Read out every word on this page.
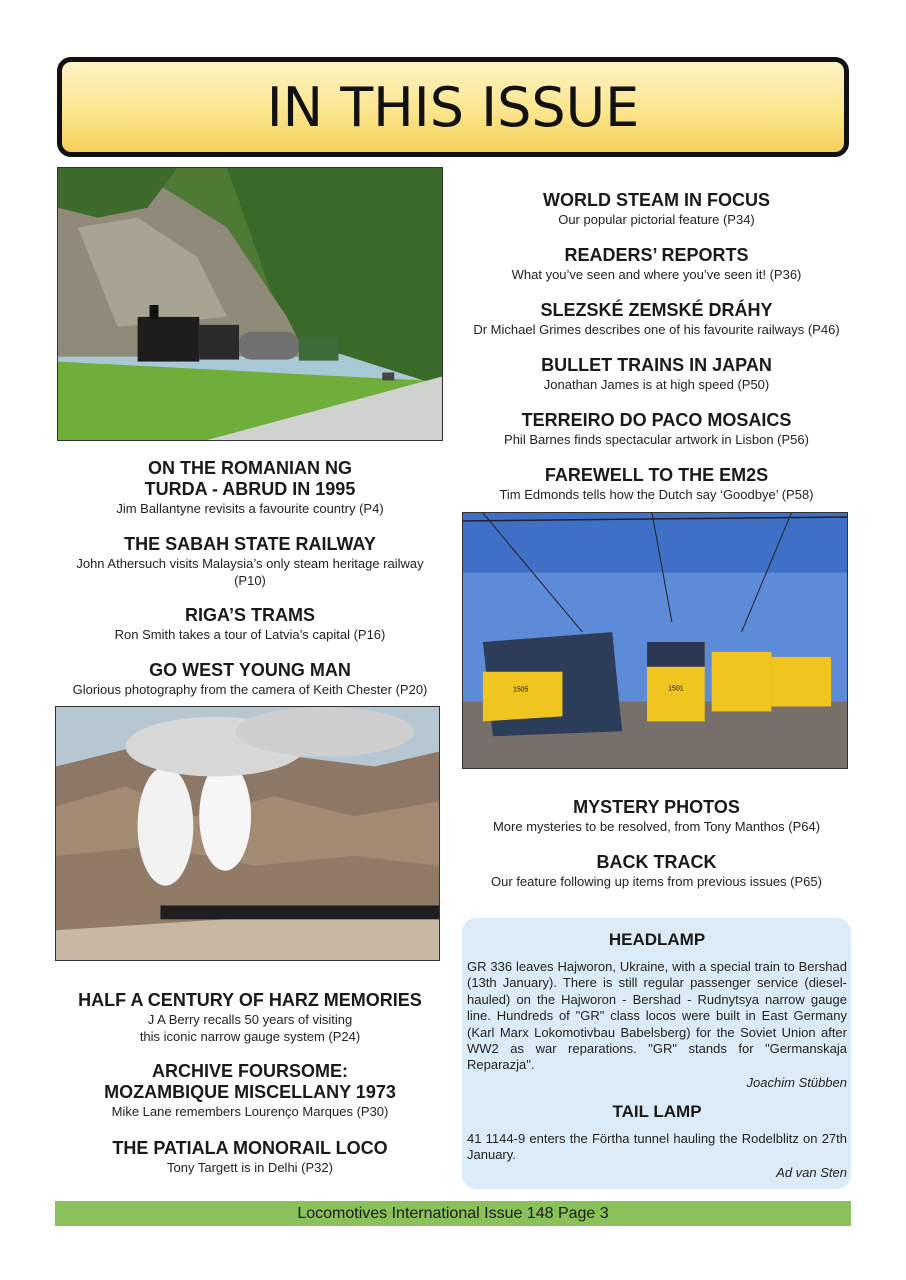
IN THIS ISSUE
1505	1501
ON THE ROMANIAN NG
TURDA - ABRUD IN 1995
Jim Ballantyne revisits a favourite country (P4)
THE SABAH STATE RAILWAY
John Athersuch visits Malaysia’s only steam heritage railway
(P10)
RIGA’S TRAMS
Ron Smith takes a tour of Latvia’s capital (P16)
GO WEST YOUNG MAN
Glorious photography from the camera of Keith Chester (P20)
HALF A CENTURY OF HARZ MEMORIES
J A Berry recalls 50 years of visiting
this iconic narrow gauge system (P24)
ARCHIVE FOURSOME:
MOZAMBIQUE MISCELLANY 1973
Mike Lane remembers Lourenço Marques (P30)
THE PATIALA MONORAIL LOCO
Tony Targett is in Delhi (P32)
WORLD STEAM IN FOCUS
Our popular pictorial feature (P34)
READERS’ REPORTS
What you’ve seen and where you’ve seen it! (P36)
SLEZSKÉ ZEMSKÉ DRÁHY
Dr Michael Grimes describes one of his favourite railways (P46)
BULLET TRAINS IN JAPAN
Jonathan James is at high speed (P50)
TERREIRO DO PACO MOSAICS
Phil Barnes finds spectacular artwork in Lisbon (P56)
FAREWELL TO THE EM2S
Tim Edmonds tells how the Dutch say ‘Goodbye’ (P58)
MYSTERY PHOTOS
More mysteries to be resolved, from Tony Manthos (P64)
BACK TRACK
Our feature following up items from previous issues (P65)
HEADLAMP
GR 336 leaves Hajworon, Ukraine, with a special train to Bershad (13th January). There is still regular passenger service (diesel-hauled) on the Hajworon - Bershad - Rudnytsya narrow gauge line. Hundreds of "GR" class locos were built in East Germany (Karl Marx Lokomotivbau Babelsberg) for the Soviet Union after WW2 as war reparations. "GR" stands for "Germanskaja Reparazja".
Joachim Stübben
TAIL LAMP
41 1144-9 enters the Förtha tunnel hauling the Rodelblitz on 27th January.
Ad van Sten
Locomotives International Issue 148 Page 3
